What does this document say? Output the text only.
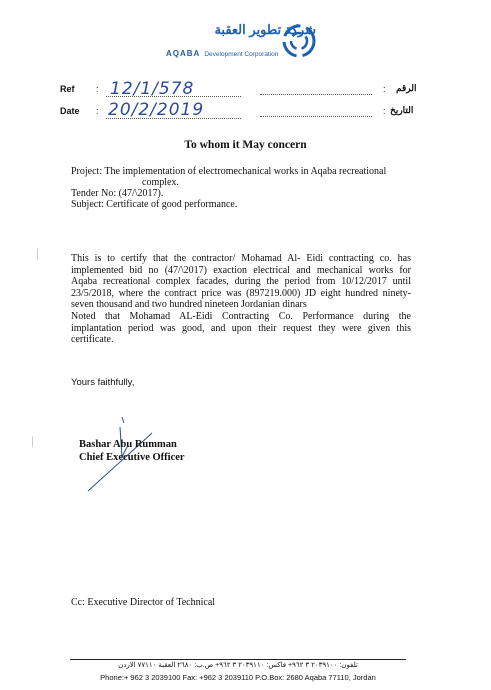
شركة تطوير العقبة
AQABA Development Corporation
Ref : 12/1/578	: الرقم
Date : 20/2/2019	: التاريخ
To whom it May concern

Project: The implementation of electromechanical works in Aqaba recreational

complex.

Tender No: (47/\2017).

Subject: Certificate of good performance.

This is to certify that the contractor/ Mohamad Al- Eidi contracting co. has

implemented bid no (47/\2017) exaction electrical and mechanical works for

Aqaba recreational complex facades, during the period from 10/12/2017 until

23/5/2018, where the contract price was (897219.000) JD eight hundred ninety-

seven thousand and two hundred nineteen Jordanian dinars

Noted that Mohamad AL-Eidi Contracting Co. Performance during the

implantation period was good, and upon their request they were given this

certificate.

Yours faithfully,

Bashar Abu Rumman

Chief Executive Officer

Cc: Executive Director of Technical
تلفون: ٢٠٣٩١٠٠ ٣ ٩٦٢+ فاكس: ٢٠٣٩١١٠ ٣ ٩٦٢+ ص.ب: ٢٦٨٠ العقبة ٧٧١١٠ الاردن
Phone:+ 962 3 2039100 Fax: +962 3 2039110 P.O.Box: 2680 Aqaba 77110, Jordan
